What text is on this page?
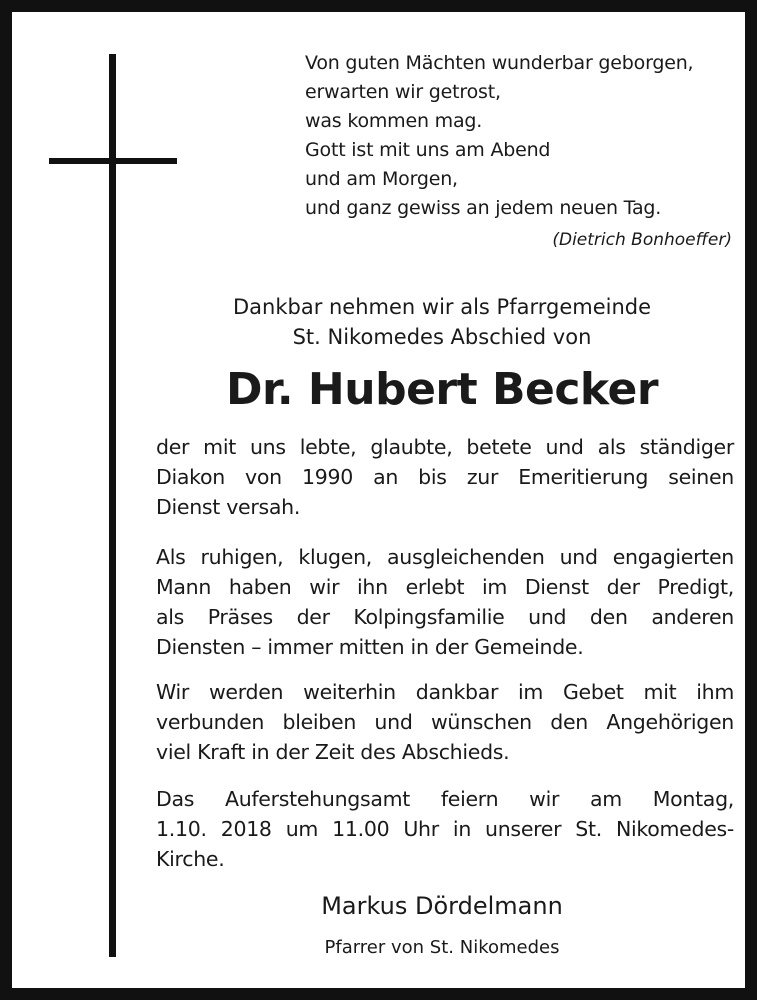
Von guten Mächten wunderbar geborgen,
erwarten wir getrost,
was kommen mag.
Gott ist mit uns am Abend
und am Morgen,
und ganz gewiss an jedem neuen Tag.
(Dietrich Bonhoeffer)
Dankbar nehmen wir als Pfarrgemeinde
St. Nikomedes Abschied von
Dr. Hubert Becker
der mit uns lebte, glaubte, betete und als ständiger
Diakon von 1990 an bis zur Emeritierung seinen
Dienst versah.
Als ruhigen, klugen, ausgleichenden und engagierten
Mann haben wir ihn erlebt im Dienst der Predigt,
als Präses der Kolpingsfamilie und den anderen
Diensten – immer mitten in der Gemeinde.
Wir werden weiterhin dankbar im Gebet mit ihm
verbunden bleiben und wünschen den Angehörigen
viel Kraft in der Zeit des Abschieds.
Das Auferstehungsamt feiern wir am Montag,
1.10. 2018 um 11.00 Uhr in unserer St. Nikomedes-
Kirche.
Markus Dördelmann
Pfarrer von St. Nikomedes
